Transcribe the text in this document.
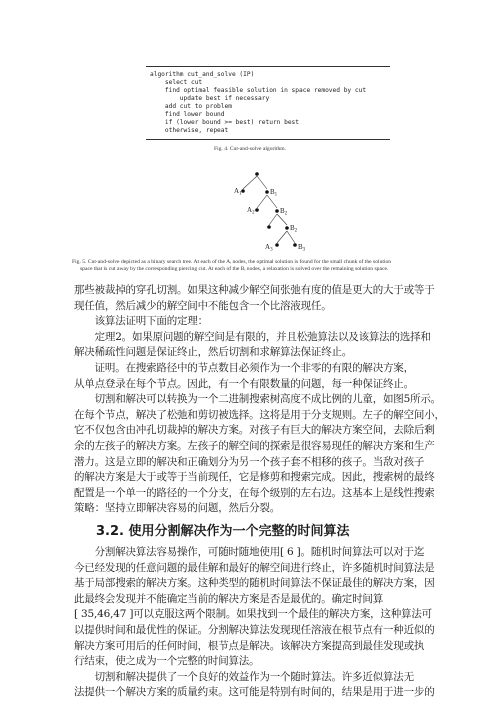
algorithm cut_and_solve (IP)
select cut
find optimal feasible solution in space removed by cut
update best if necessary
add cut to problem
find lower bound
if (lower bound >= best) return best
otherwise, repeat
Fig. 4. Cut-and-solve algorithm.
$A_1$	$B_1$
$A_2$	$B_2$
$B_2$
$A_3$	$B_3$
Fig. 5. Cut-and-solve depicted as a binary search tree. At each of the Aᵢ nodes, the optimal solution is found for the small chunk of the solution
space that is cut away by the corresponding piercing cut. At each of the Bᵢ nodes, a relaxation is solved over the remaining solution space.
那些被裁掉的穿孔切割。如果这种减少解空间张弛有度的值是更大的大于或等于
现任值，然后减少的解空间中不能包含一个比溶液现任。
　　该算法证明下面的定理：
　　定理2。如果原问题的解空间是有限的，并且松弛算法以及该算法的选择和
解决稀疏性问题是保证终止，然后切割和求解算法保证终止。
　　证明。在搜索路径中的节点数目必须作为一个非零的有限的解决方案，
从单点登录在每个节点。因此，有一个有限数量的问题，每一种保证终止。
　　切割和解决可以转换为一个二进制搜索树高度不成比例的儿童，如图5所示。
在每个节点，解决了松弛和剪切被选择。这将是用于分支规则。左子的解空间小，
它不仅包含由冲孔切裁掉的解决方案。对孩子有巨大的解决方案空间，去除后剩
余的左孩子的解决方案。左孩子的解空间的探索是很容易现任的解决方案和生产
潜力。这是立即的解决和正确划分为另一个孩子套不相移的孩子。当敌对孩子
的解决方案是大于或等于当前现任，它是修剪和搜索完成。因此，搜索树的最终
配置是一个单一的路径的一个分支，在每个级别的左右边。这基本上是线性搜索
策略：坚持立即解决容易的问题，然后分裂。
3.2. 使用分割解决作为一个完整的时间算法
　　分割解决算法容易操作，可随时随地使用[ 6 ]。随机时间算法可以对于迄
今已经发现的任意问题的最佳解和最好的解空间进行终止，许多随机时间算法是
基于局部搜索的解决方案。这种类型的随机时间算法不保证最佳的解决方案，因
此最终会发现并不能确定当前的解决方案是否是最优的。确定时间算
[ 35,46,47 ]可以克服这两个限制。如果找到一个最佳的解决方案，这种算法可
以提供时间和最优性的保证。分割解决算法发现现任溶液在根节点有一种近似的
解决方案可用后的任何时间，根节点是解决。该解决方案提高到最佳发现或执
行结束，使之成为一个完整的时间算法。
　　切割和解决提供了一个良好的效益作为一个随时算法。许多近似算法无
法提供一个解决方案的质量约束。这可能是特别有时间的，结果是用于进一步的
